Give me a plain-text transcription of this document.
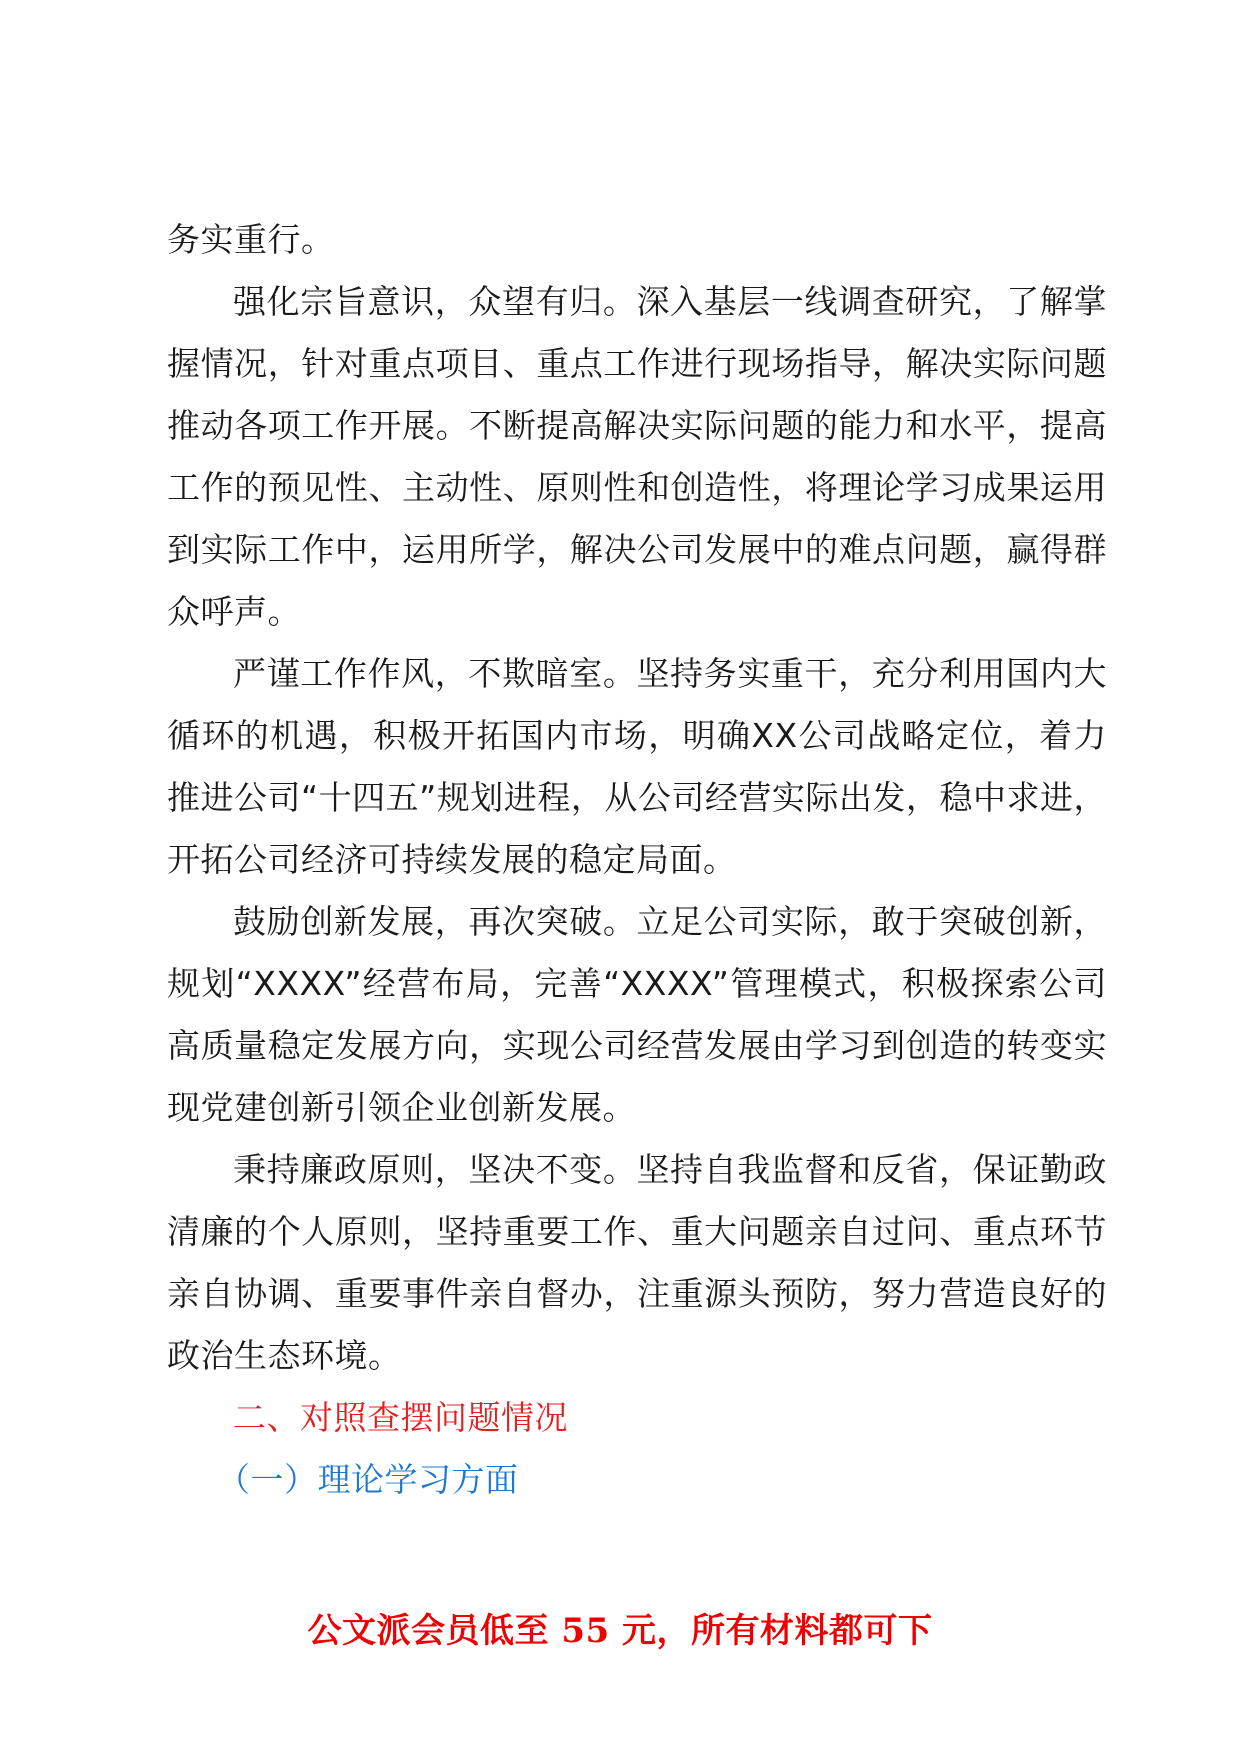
务实重行。

强化宗旨意识，众望有归。深入基层一线调查研究，了解掌握情况，针对重点项目、重点工作进行现场指导，解决实际问题推动各项工作开展。不断提高解决实际问题的能力和水平，提高工作的预见性、主动性、原则性和创造性，将理论学习成果运用到实际工作中，运用所学，解决公司发展中的难点问题，赢得群众呼声。

严谨工作作风，不欺暗室。坚持务实重干，充分利用国内大循环的机遇，积极开拓国内市场，明确XX公司战略定位，着力推进公司“十四五”规划进程，从公司经营实际出发，稳中求进，开拓公司经济可持续发展的稳定局面。

鼓励创新发展，再次突破。立足公司实际，敢于突破创新，规划“XXXX”经营布局，完善“XXXX”管理模式，积极探索公司高质量稳定发展方向，实现公司经营发展由学习到创造的转变实现党建创新引领企业创新发展。

秉持廉政原则，坚决不变。坚持自我监督和反省，保证勤政清廉的个人原则，坚持重要工作、重大问题亲自过问、重点环节亲自协调、重要事件亲自督办，注重源头预防，努力营造良好的政治生态环境。

二、对照查摆问题情况

（一）理论学习方面

公文派会员低至 55 元，所有材料都可下
